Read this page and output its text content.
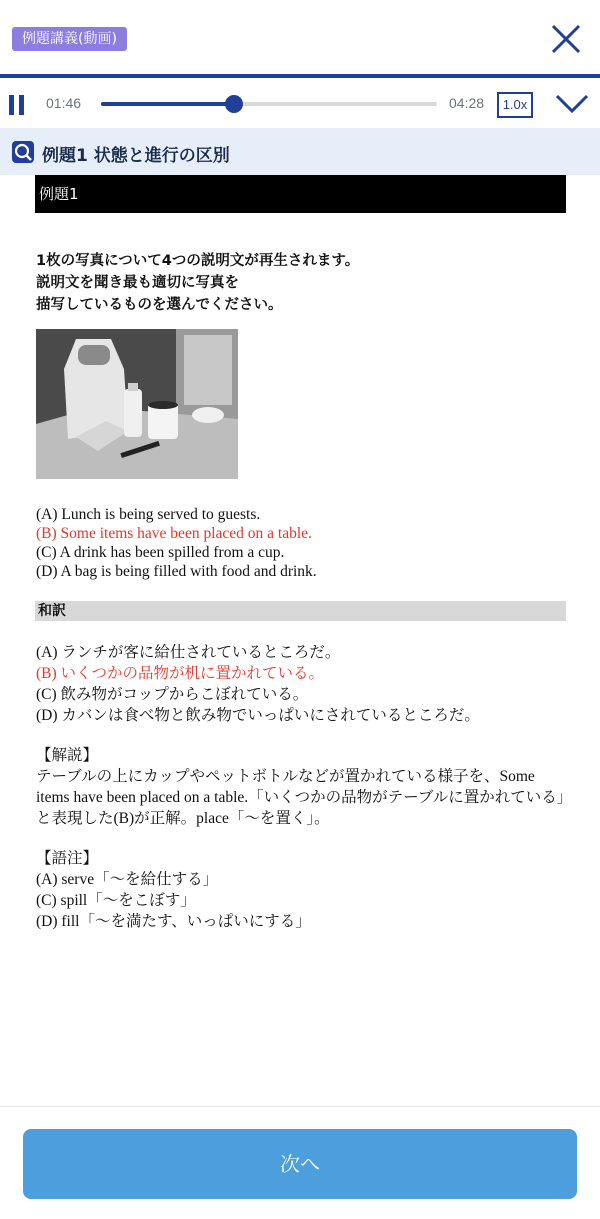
例題講義(動画)
01:46	04:28	1.0x
例題1 状態と進行の区別
例題1
1枚の写真について4つの説明文が再生されます。
説明文を聞き最も適切に写真を
描写しているものを選んでください。
(A) Lunch is being served to guests.
(B) Some items have been placed on a table.
(C) A drink has been spilled from a cup.
(D) A bag is being filled with food and drink.
和訳
(A) ランチが客に給仕されているところだ。
(B) いくつかの品物が机に置かれている。
(C) 飲み物がコップからこぼれている。
(D) カバンは食べ物と飲み物でいっぱいにされているところだ。
【解説】
テーブルの上にカップやペットボトルなどが置かれている様子を、Some items have been placed on a table.「いくつかの品物がテーブルに置かれている」と表現した(B)が正解。place「～を置く」。
【語注】
(A) serve「～を給仕する」
(C) spill「～をこぼす」
(D) fill「～を満たす、いっぱいにする」
次へ
